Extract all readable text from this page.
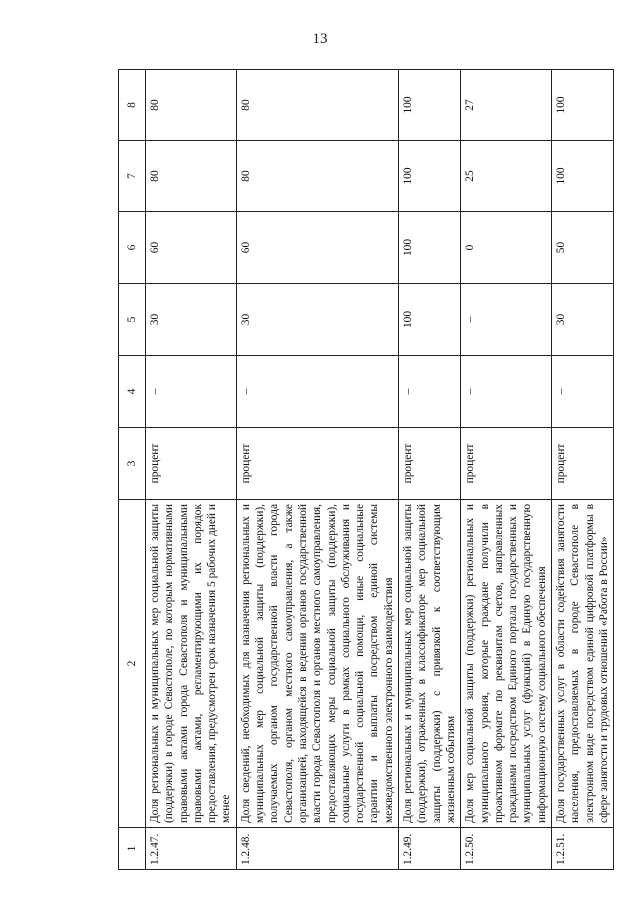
13
1	2	3	4	5	6	7	8
1.2.47.	Доля региональных и муниципальных мер социальной защиты (поддержки) в городе Севастополе, по которым нормативными правовыми актами города Севастополя и муниципальными правовыми актами, регламентирующими их порядок предоставления, предусмотрен срок назначения 5 рабочих дней и менее	процент	–	30	60	80	80
1.2.48.	Доля сведений, необходимых для назначения региональных и муниципальных мер социальной защиты (поддержки), получаемых органом государственной власти города Севастополя, органом местного самоуправления, а также организацией, находящейся в ведении органов государственной власти города Севастополя и органов местного самоуправления, предоставляющих меры социальной защиты (поддержки), социальные услуги в рамках социального обслуживания и государственной социальной помощи, иные социальные гарантии и выплаты посредством единой системы межведомственного электронного взаимодействия	процент	–	30	60	80	80
1.2.49.	Доля региональных и муниципальных мер социальной защиты (поддержки), отраженных в классификаторе мер социальной защиты (поддержки) с привязкой к соответствующим жизненным событиям	процент	–	100	100	100	100
1.2.50.	Доля мер социальной защиты (поддержки) региональных и муниципального уровня, которые граждане получили в проактивном формате по реквизитам счетов, направленных гражданами посредством Единого портала государственных и муниципальных услуг (функций) в Единую государственную информационную систему социального обеспечения	процент	–	–	0	25	27
1.2.51.	Доля государственных услуг в области содействия занятости населения, предоставляемых в городе Севастополе в электронном виде посредством единой цифровой платформы в сфере занятости и трудовых отношений «Работа в России»	процент	–	30	50	100	100
